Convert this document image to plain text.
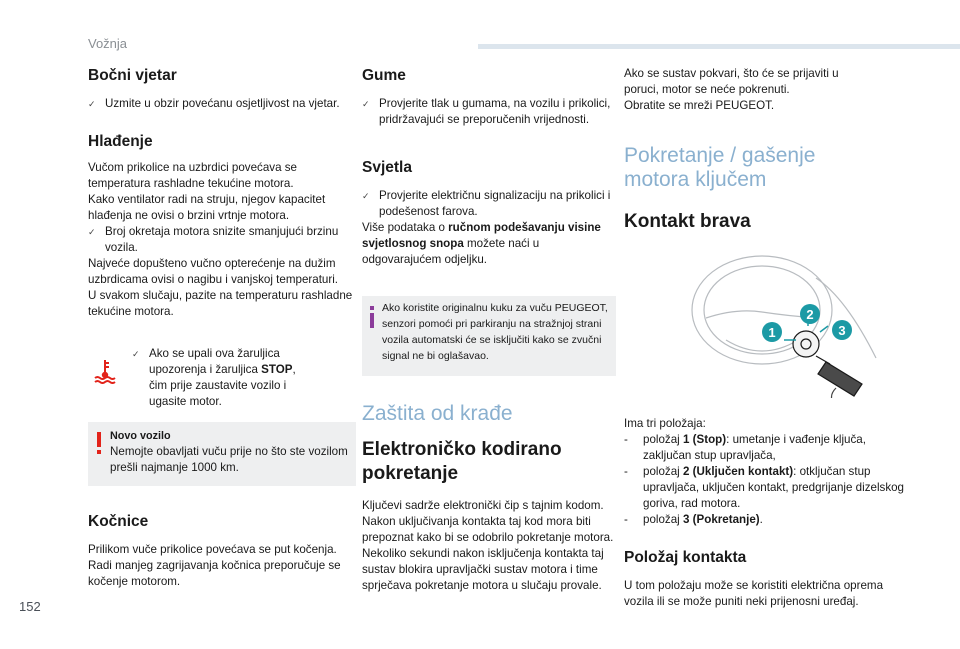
Vožnja
152
Bočni vjetar

✓ Uzmite u obzir povećanu osjetljivost na vjetar.

Hlađenje

Vučom prikolice na uzbrdici povećava se temperatura rashladne tekućine motora.

Kako ventilator radi na struju, njegov kapacitet hlađenja ne ovisi o brzini vrtnje motora.

✓ Broj okretaja motora snizite smanjujući brzinu vozila.

Najveće dopušteno vučno opterećenje na dužim uzbrdicama ovisi o nagibu i vanjskoj temperaturi.

U svakom slučaju, pazite na temperaturu rashladne tekućine motora.

✓ Ako se upali ova žaruljica upozorenja i žaruljica STOP, čim prije zaustavite vozilo i ugasite motor.

Novo vozilo

Nemojte obavljati vuču prije no što ste vozilom prešli najmanje 1000 km.

Kočnice

Prilikom vuče prikolice povećava se put kočenja. Radi manjeg zagrijavanja kočnica preporučuje se kočenje motorom.

Gume

✓ Provjerite tlak u gumama, na vozilu i prikolici, pridržavajući se preporučenih vrijednosti.

Svjetla

✓ Provjerite električnu signalizaciju na prikolici i podešenost farova.

Više podataka o ručnom podešavanju visine svjetlosnog snopa možete naći u odgovarajućem odjeljku.

Ako koristite originalnu kuku za vuču PEUGEOT, senzori pomoći pri parkiranju na stražnjoj strani vozila automatski će se isključiti kako se zvučni signal ne bi oglašavao.

Zaštita od krađe
Elektroničko kodirano pokretanje

Ključevi sadrže elektronički čip s tajnim kodom. Nakon uključivanja kontakta taj kod mora biti prepoznat kako bi se odobrilo pokretanje motora.

Nekoliko sekundi nakon isključenja kontakta taj sustav blokira upravljački sustav motora i time sprječava pokretanje motora u slučaju provale.

Ako se sustav pokvari, što će se prijaviti u poruci, motor se neće pokrenuti.

Obratite se mreži PEUGEOT.

Pokretanje / gašenje motora ključem
Kontakt brava

Ima tri položaja:

- položaj 1 (Stop): umetanje i vađenje ključa, zaključan stup upravljača,

- položaj 2 (Uključen kontakt): otključan stup upravljača, uključen kontakt, predgrijanje dizelskog goriva, rad motora.

- položaj 3 (Pokretanje).

Položaj kontakta

U tom položaju može se koristiti električna oprema vozila ili se može puniti neki prijenosni uređaj.

1
2
3
